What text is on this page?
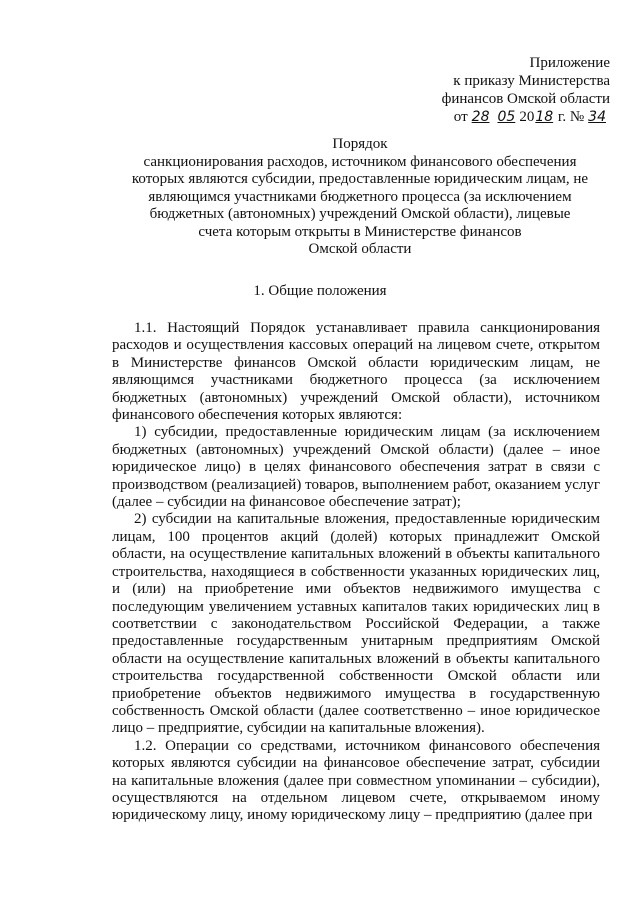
Приложение
к приказу Министерства
финансов Омской области
от 28 05 2018 г. № 34
Порядок
санкционирования расходов, источником финансового обеспечения
которых являются субсидии, предоставленные юридическим лицам, не
являющимся участниками бюджетного процесса (за исключением
бюджетных (автономных) учреждений Омской области), лицевые
счета которым открыты в Министерстве финансов
Омской области
1. Общие положения

1.1. Настоящий Порядок устанавливает правила санкционирования расходов и осуществления кассовых операций на лицевом счете, открытом в Министерстве финансов Омской области юридическим лицам, не являющимся участниками бюджетного процесса (за исключением бюджетных (автономных) учреждений Омской области), источником финансового обеспечения которых являются:

1) субсидии, предоставленные юридическим лицам (за исключением бюджетных (автономных) учреждений Омской области) (далее – иное юридическое лицо) в целях финансового обеспечения затрат в связи с производством (реализацией) товаров, выполнением работ, оказанием услуг (далее – субсидии на финансовое обеспечение затрат);

2) субсидии на капитальные вложения, предоставленные юридическим лицам, 100 процентов акций (долей) которых принадлежит Омской области, на осуществление капитальных вложений в объекты капитального строительства, находящиеся в собственности указанных юридических лиц, и (или) на приобретение ими объектов недвижимого имущества с последующим увеличением уставных капиталов таких юридических лиц в соответствии с законодательством Российской Федерации, а также предоставленные государственным унитарным предприятиям Омской области на осуществление капитальных вложений в объекты капитального строительства государственной собственности Омской области или приобретение объектов недвижимого имущества в государственную собственность Омской области (далее соответственно – иное юридическое лицо – предприятие, субсидии на капитальные вложения).

1.2. Операции со средствами, источником финансового обеспечения которых являются субсидии на финансовое обеспечение затрат, субсидии на капитальные вложения (далее при совместном упоминании – субсидии), осуществляются на отдельном лицевом счете, открываемом иному юридическому лицу, иному юридическому лицу – предприятию (далее при
